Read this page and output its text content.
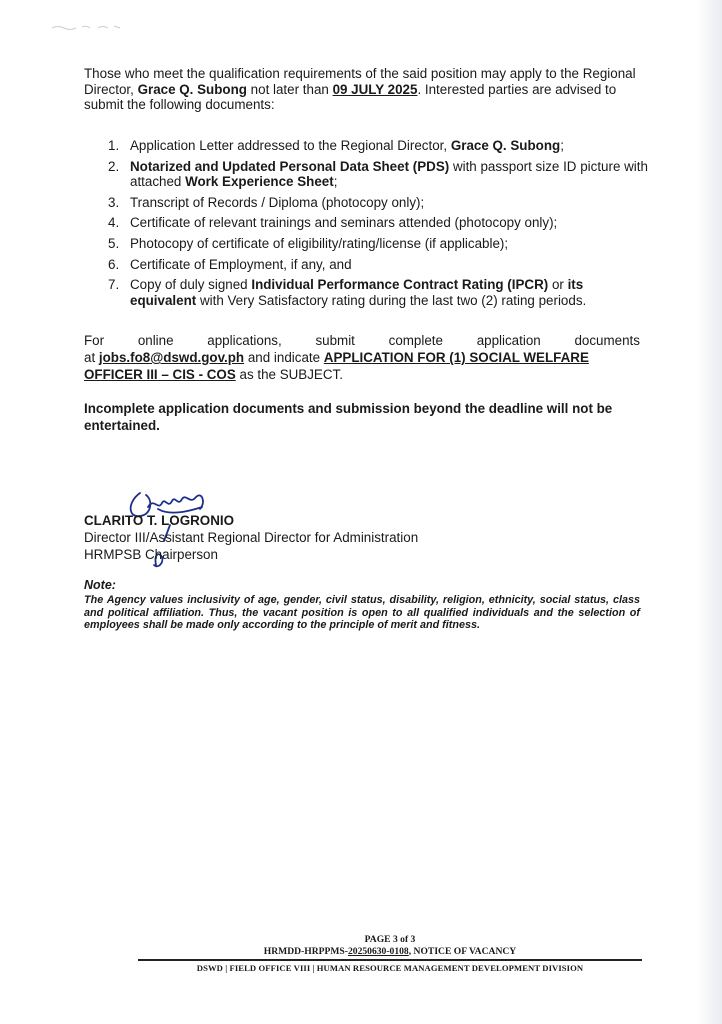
Those who meet the qualification requirements of the said position may apply to the Regional Director, Grace Q. Subong not later than 09 JULY 2025. Interested parties are advised to submit the following documents:

1. Application Letter addressed to the Regional Director, Grace Q. Subong;
2. Notarized and Updated Personal Data Sheet (PDS) with passport size ID picture with attached Work Experience Sheet;
3. Transcript of Records / Diploma (photocopy only);
4. Certificate of relevant trainings and seminars attended (photocopy only);
5. Photocopy of certificate of eligibility/rating/license (if applicable);
6. Certificate of Employment, if any, and
7. Copy of duly signed Individual Performance Contract Rating (IPCR) or its equivalent with Very Satisfactory rating during the last two (2) rating periods.
For	online	applications,	submit	complete	application	documents
at jobs.fo8@dswd.gov.ph and indicate APPLICATION FOR (1) SOCIAL WELFARE OFFICER III – CIS - COS as the SUBJECT.

Incomplete application documents and submission beyond the deadline will not be entertained.

CLARITO T. LOGRONIO
Director III/Assistant Regional Director for Administration
HRMPSB Chairperson
Note:

The Agency values inclusivity of age, gender, civil status, disability, religion, ethnicity, social status, class and political affiliation. Thus, the vacant position is open to all qualified individuals and the selection of employees shall be made only according to the principle of merit and fitness.

PAGE 3 of 3
HRMDD-HRPPMS-20250630-0108, NOTICE OF VACANCY
DSWD | FIELD OFFICE VIII | HUMAN RESOURCE MANAGEMENT DEVELOPMENT DIVISION
